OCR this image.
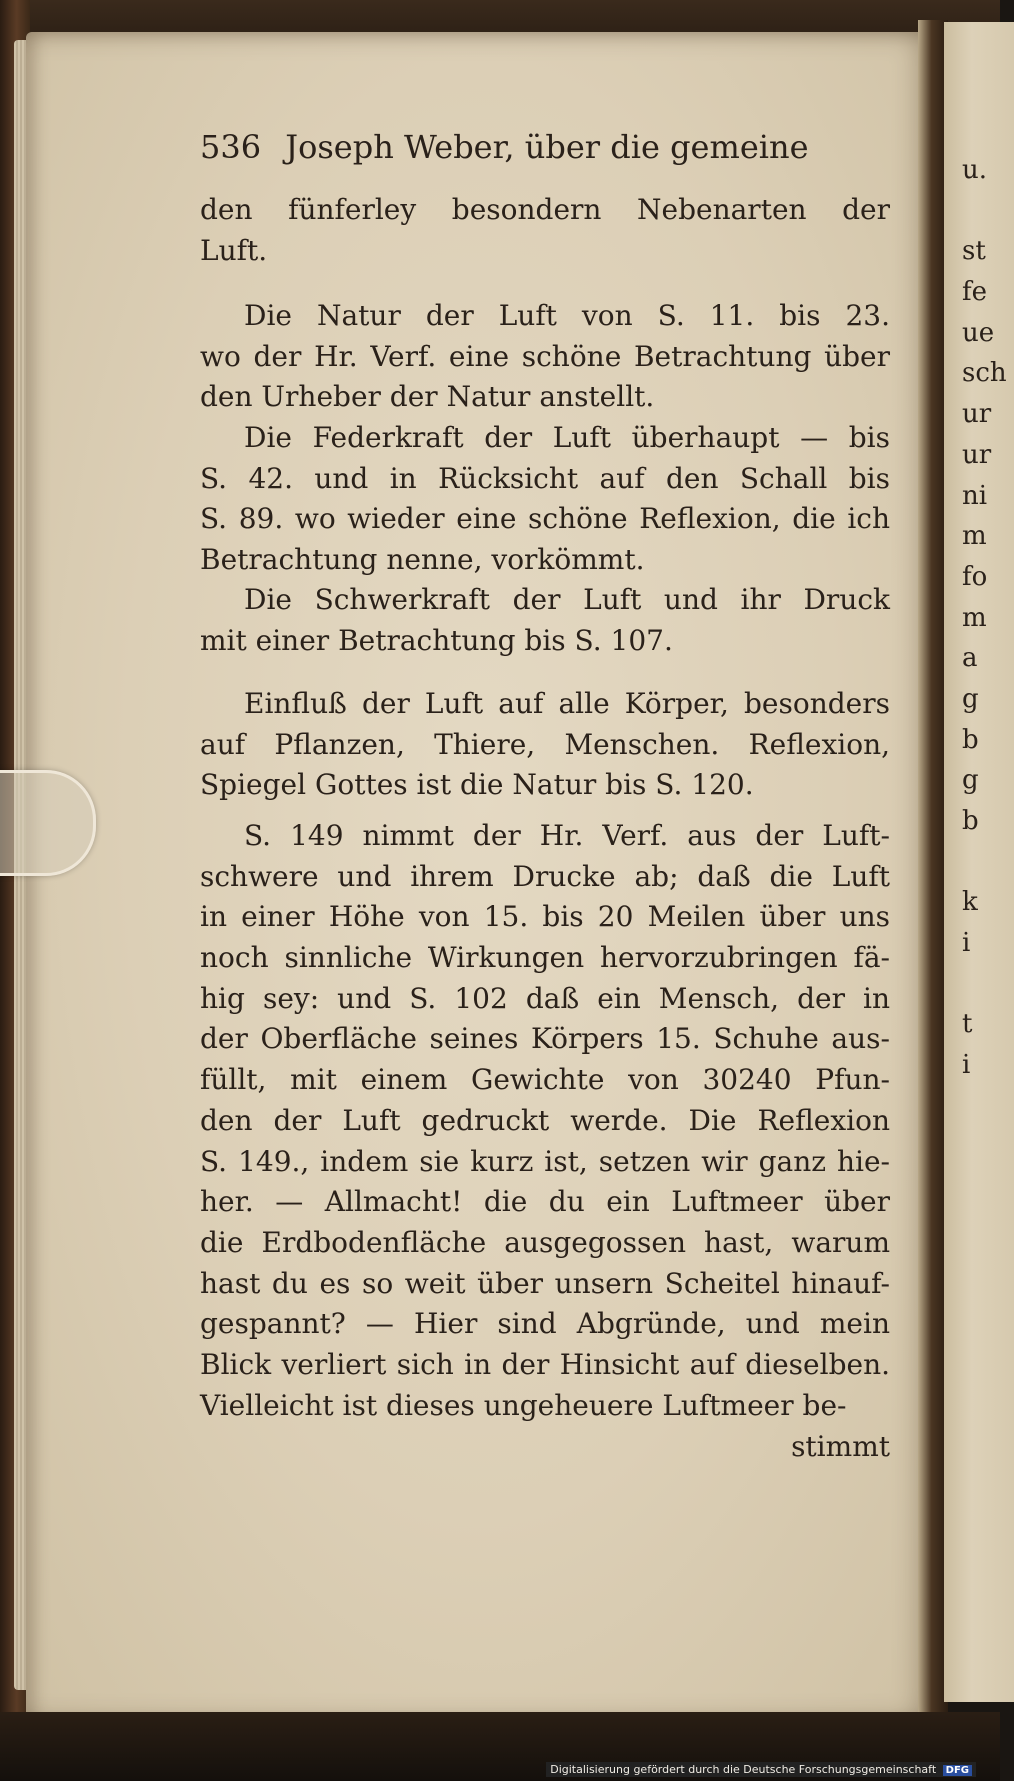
u.
st
fe
ue
sch
ur
ur
ni
m
fo
m
a
g
b
g
b
k
i
t
i
536 Joseph Weber, über die gemeine
den fünferley besondern Nebenarten der
Luft.
Die Natur der Luft von S. 11. bis 23.
wo der Hr. Verf. eine schöne Betrachtung über
den Urheber der Natur anstellt.
Die Federkraft der Luft überhaupt — bis
S. 42. und in Rücksicht auf den Schall bis
S. 89. wo wieder eine schöne Reflexion, die ich
Betrachtung nenne, vorkömmt.
Die Schwerkraft der Luft und ihr Druck
mit einer Betrachtung bis S. 107.
Einfluß der Luft auf alle Körper, besonders
auf Pflanzen, Thiere, Menschen. Reflexion,
Spiegel Gottes ist die Natur bis S. 120.
S. 149 nimmt der Hr. Verf. aus der Luft-
schwere und ihrem Drucke ab; daß die Luft
in einer Höhe von 15. bis 20 Meilen über uns
noch sinnliche Wirkungen hervorzubringen fä-
hig sey: und S. 102 daß ein Mensch, der in
der Oberfläche seines Körpers 15. Schuhe aus-
füllt, mit einem Gewichte von 30240 Pfun-
den der Luft gedruckt werde. Die Reflexion
S. 149., indem sie kurz ist, setzen wir ganz hie-
her. — Allmacht! die du ein Luftmeer über
die Erdbodenfläche ausgegossen hast, warum
hast du es so weit über unsern Scheitel hinauf-
gespannt? — Hier sind Abgründe, und mein
Blick verliert sich in der Hinsicht auf dieselben.
Vielleicht ist dieses ungeheuere Luftmeer be-
stimmt
Digitalisierung gefördert durch die Deutsche Forschungsgemeinschaft DFG
